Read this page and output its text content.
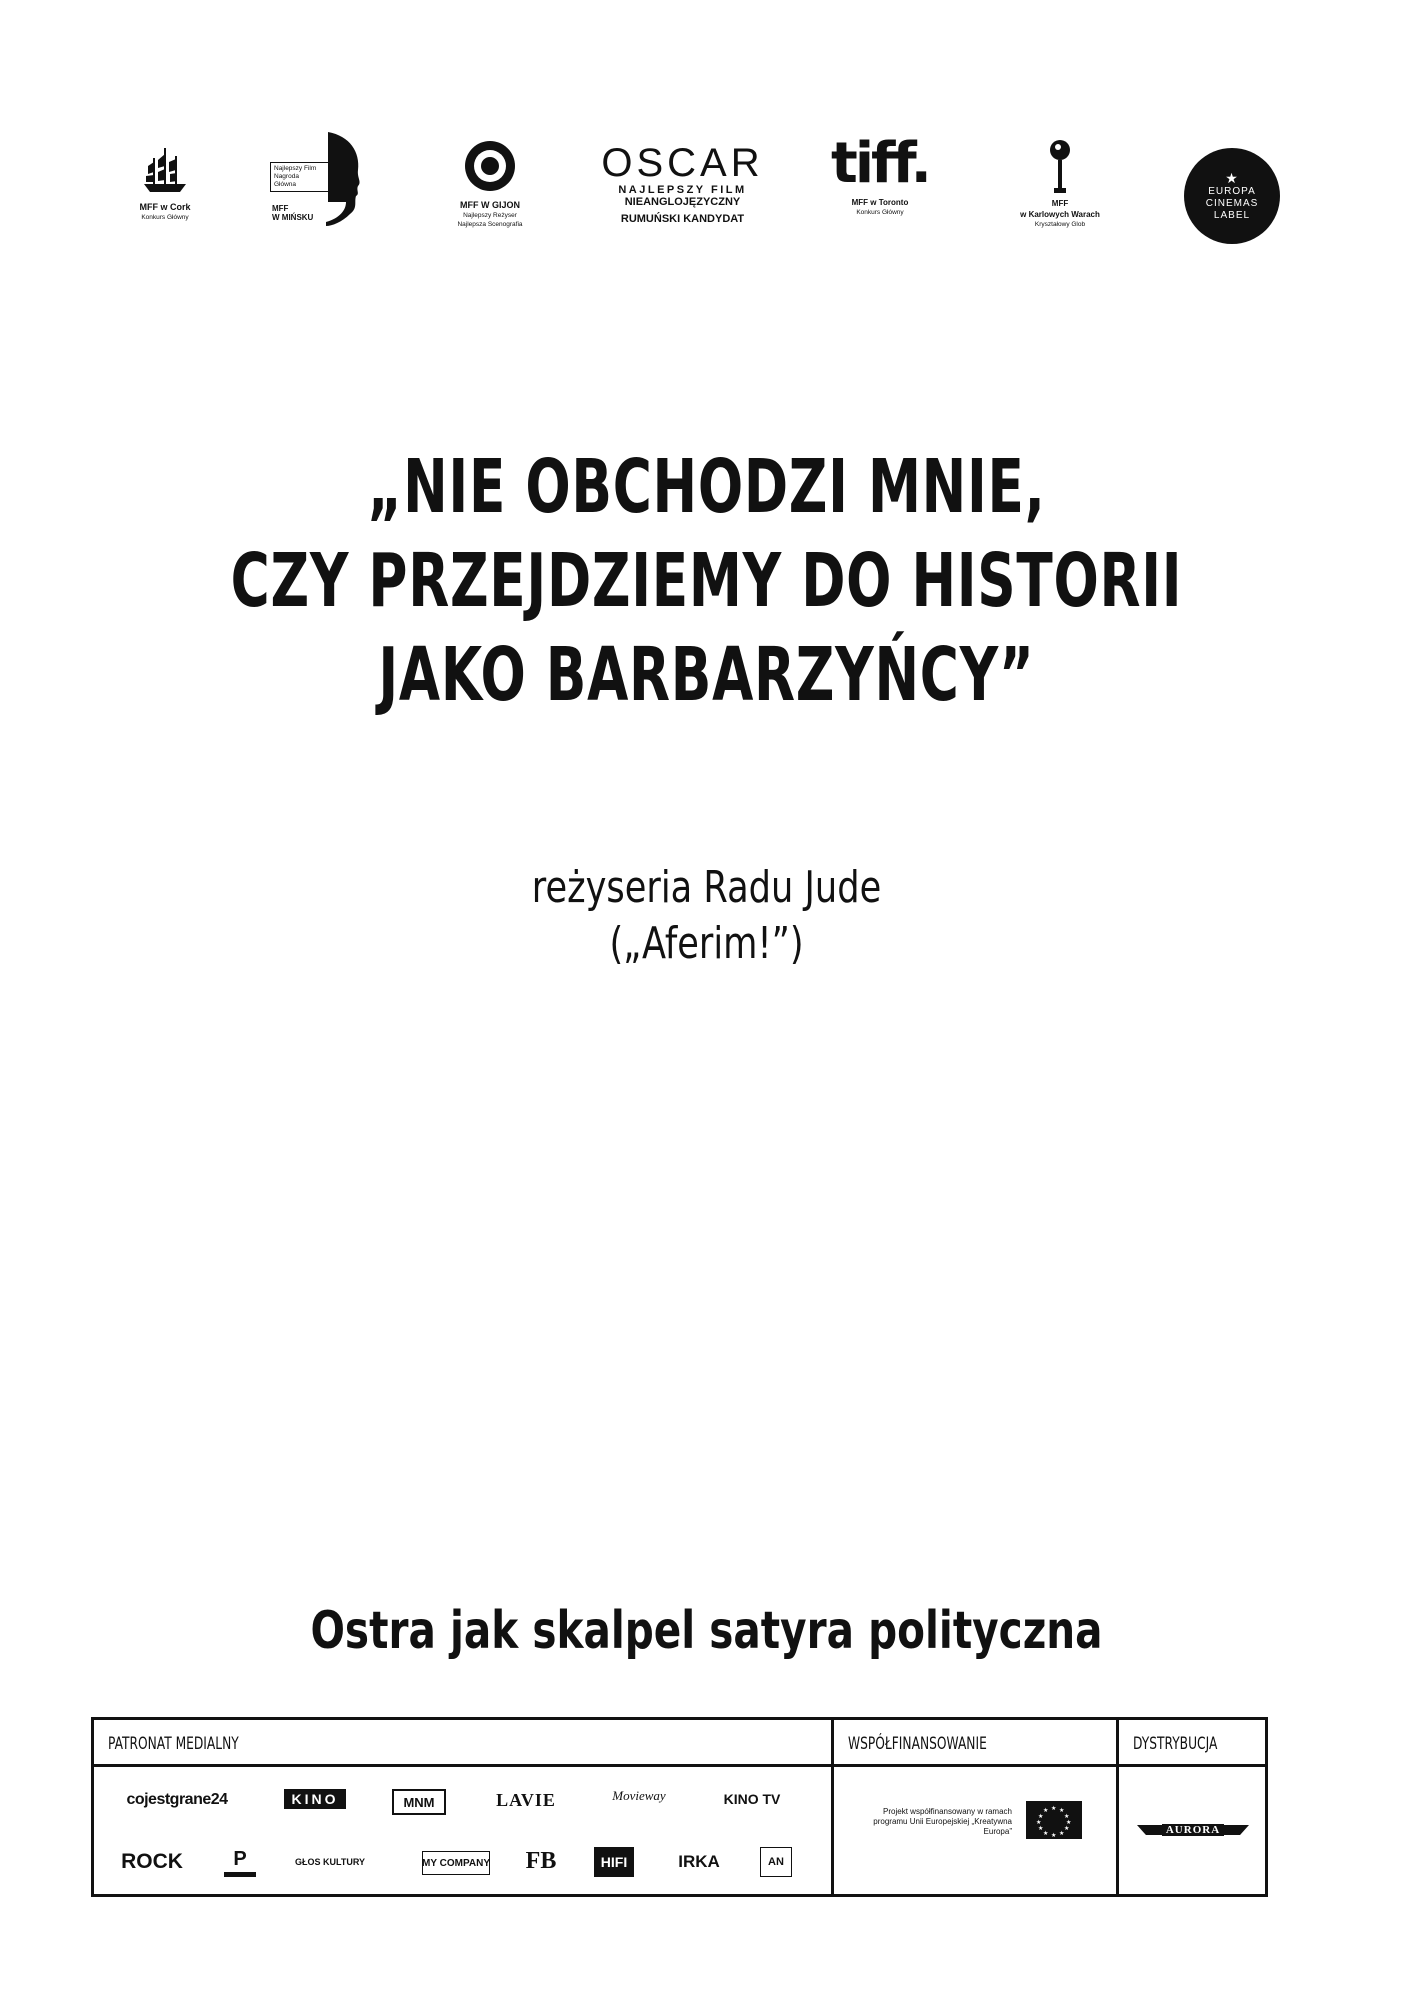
MFF w Cork
Konkurs Główny
Najlepszy Film
Nagroda
Główna
MFF
W MIŃSKU
MFF W GIJON
Najlepszy Reżyser
Najlepsza Scenografia
OSCAR
NAJLEPSZY FILM
NIEANGLOJĘZYCZNY
RUMUŃSKI KANDYDAT
tiff.
MFF w Toronto
Konkurs Główny
MFF
w Karlowych Warach
Kryształowy Glob
★
EUROPA
CINEMAS
LABEL
„NIE OBCHODZI MNIE,
CZY PRZEJDZIEMY DO HISTORII
JAKO BARBARZYŃCY”
reżyseria Radu Jude
(„Aferim!”)
Ostra jak skalpel satyra polityczna
PATRONAT MEDIALNY
cojestgrane24	KINO	MNM	LAVIE	Movieway	KINO TV
ROCK	P	GŁOS KULTURY	MY COMPANY	FB	HIFI	IRKA	AN
WSPÓŁFINANSOWANIE
Projekt współfinansowany w ramach programu Unii Europejskiej „Kreatywna Europa”
★ ★
★
★
★
★
★
★
★
★
★
★
DYSTRYBUCJA
AURORA
